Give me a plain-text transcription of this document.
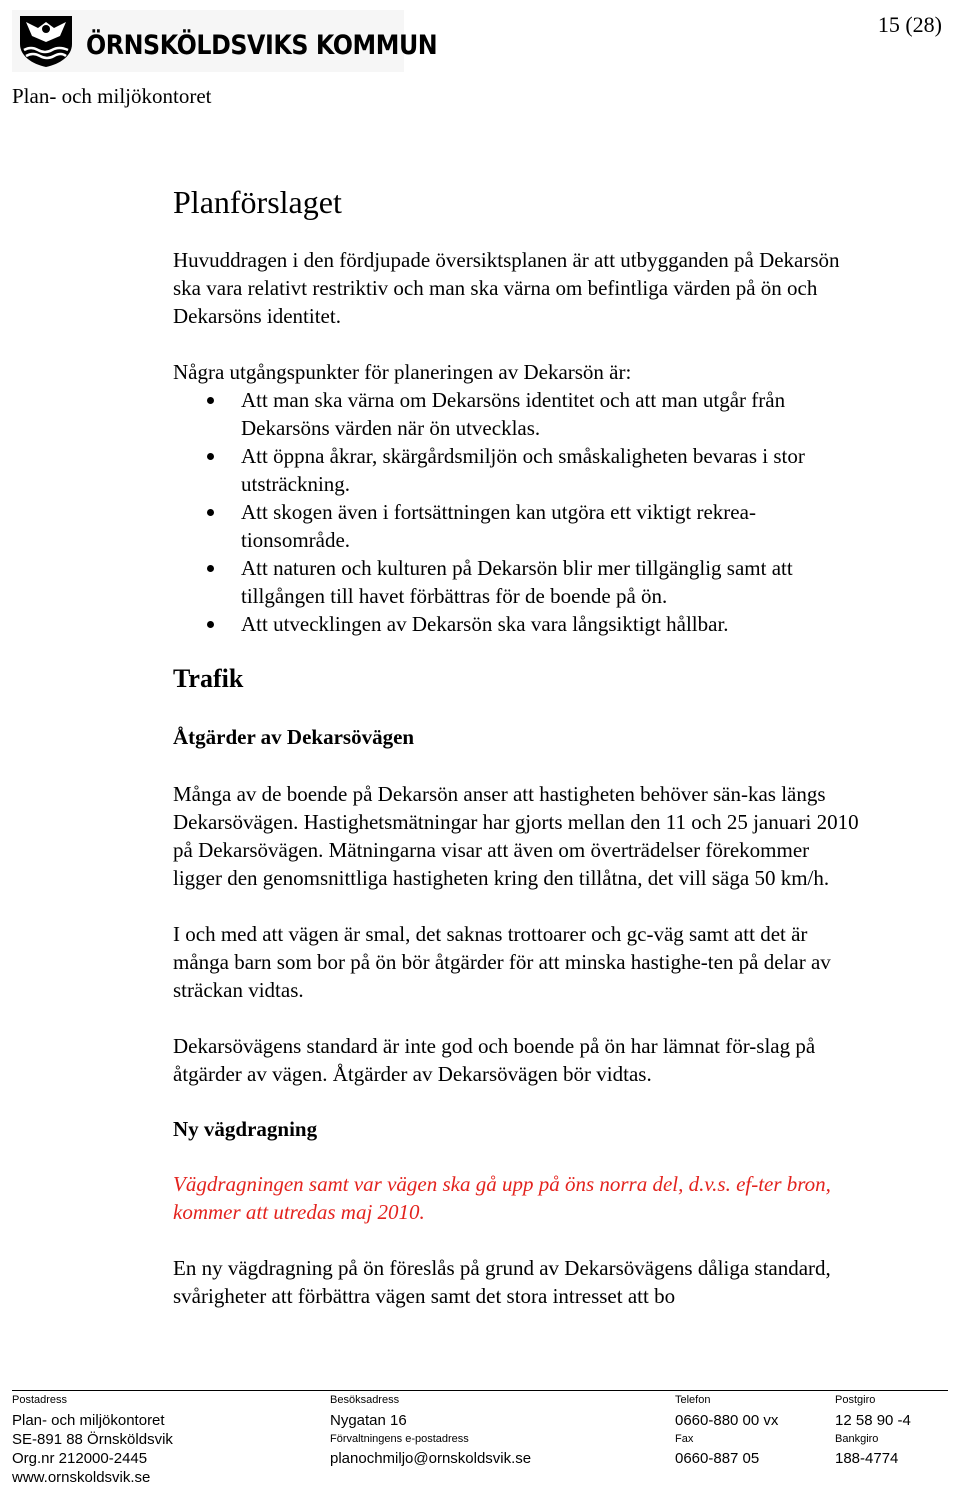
ÖRNSKÖLDSVIKS KOMMUN
15 (28)
Plan- och miljökontoret
Planförslaget

Huvuddragen i den fördjupade översiktsplanen är att utbygganden på Dekarsön ska vara relativt restriktiv och man ska värna om befintliga värden på ön och Dekarsöns identitet.

Några utgångspunkter för planeringen av Dekarsön är:

Att man ska värna om Dekarsöns identitet och att man utgår från Dekarsöns värden när ön utvecklas.
Att öppna åkrar, skärgårdsmiljön och småskaligheten bevaras i stor utsträckning.
Att skogen även i fortsättningen kan utgöra ett viktigt rekrea-tionsområde.
Att naturen och kulturen på Dekarsön blir mer tillgänglig samt att tillgången till havet förbättras för de boende på ön.
Att utvecklingen av Dekarsön ska vara långsiktigt hållbar.
Trafik
Åtgärder av Dekarsövägen

Många av de boende på Dekarsön anser att hastigheten behöver sän-kas längs Dekarsövägen. Hastighetsmätningar har gjorts mellan den 11 och 25 januari 2010 på Dekarsövägen. Mätningarna visar att även om överträdelser förekommer ligger den genomsnittliga hastigheten kring den tillåtna, det vill säga 50 km/h.

I och med att vägen är smal, det saknas trottoarer och gc-väg samt att det är många barn som bor på ön bör åtgärder för att minska hastighe-ten på delar av sträckan vidtas.

Dekarsövägens standard är inte god och boende på ön har lämnat för-slag på åtgärder av vägen. Åtgärder av Dekarsövägen bör vidtas.

Ny vägdragning

Vägdragningen samt var vägen ska gå upp på öns norra del, d.v.s. ef-ter bron, kommer att utredas maj 2010.

En ny vägdragning på ön föreslås på grund av Dekarsövägens dåliga standard, svårigheter att förbättra vägen samt det stora intresset att bo

Postadress
Plan- och miljökontoret
SE-891 88 Örnsköldsvik
Org.nr 212000-2445
www.ornskoldsvik.se
Besöksadress
Nygatan 16
Förvaltningens e-postadress
planochmiljo@ornskoldsvik.se
Telefon
0660-880 00 vx
Fax
0660-887 05
Postgiro
12 58 90 -4
Bankgiro
188-4774
